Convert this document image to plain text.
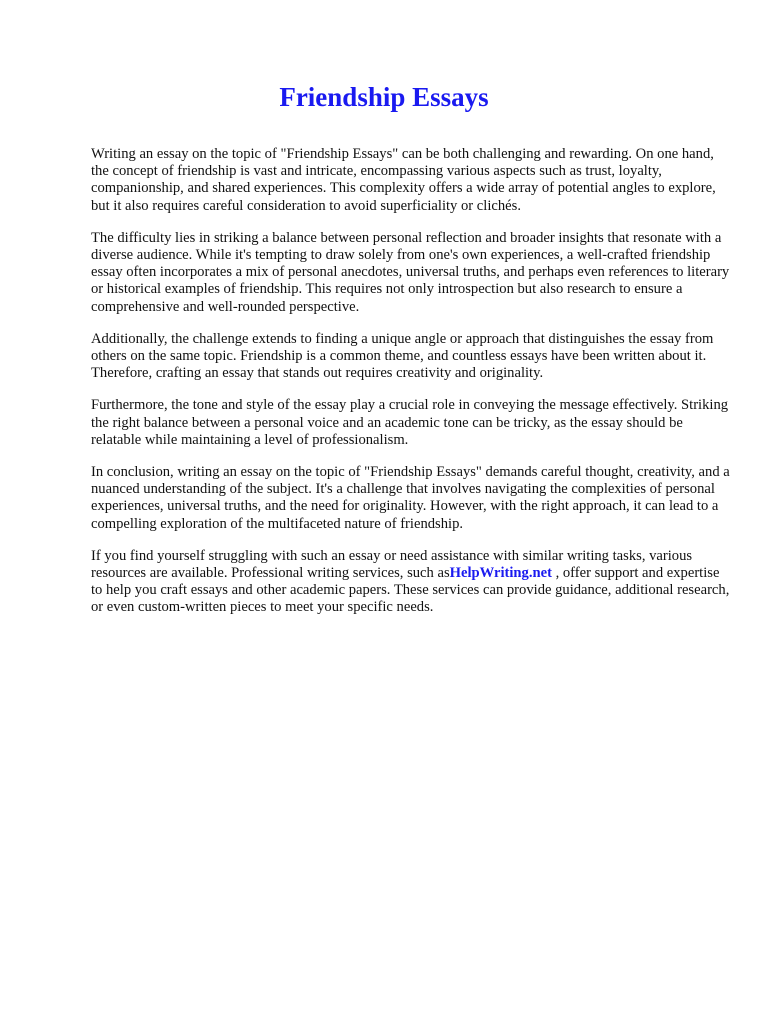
Friendship Essays

Writing an essay on the topic of "Friendship Essays" can be both challenging and rewarding. On one hand, the concept of friendship is vast and intricate, encompassing various aspects such as trust, loyalty, companionship, and shared experiences. This complexity offers a wide array of potential angles to explore, but it also requires careful consideration to avoid superficiality or clichés.

The difficulty lies in striking a balance between personal reflection and broader insights that resonate with a diverse audience. While it's tempting to draw solely from one's own experiences, a well-crafted friendship essay often incorporates a mix of personal anecdotes, universal truths, and perhaps even references to literary or historical examples of friendship. This requires not only introspection but also research to ensure a comprehensive and well-rounded perspective.

Additionally, the challenge extends to finding a unique angle or approach that distinguishes the essay from others on the same topic. Friendship is a common theme, and countless essays have been written about it. Therefore, crafting an essay that stands out requires creativity and originality.

Furthermore, the tone and style of the essay play a crucial role in conveying the message effectively. Striking the right balance between a personal voice and an academic tone can be tricky, as the essay should be relatable while maintaining a level of professionalism.

In conclusion, writing an essay on the topic of "Friendship Essays" demands careful thought, creativity, and a nuanced understanding of the subject. It's a challenge that involves navigating the complexities of personal experiences, universal truths, and the need for originality. However, with the right approach, it can lead to a compelling exploration of the multifaceted nature of friendship.

If you find yourself struggling with such an essay or need assistance with similar writing tasks, various resources are available. Professional writing services, such asHelpWriting.net , offer support and expertise to help you craft essays and other academic papers. These services can provide guidance, additional research, or even custom-written pieces to meet your specific needs.
